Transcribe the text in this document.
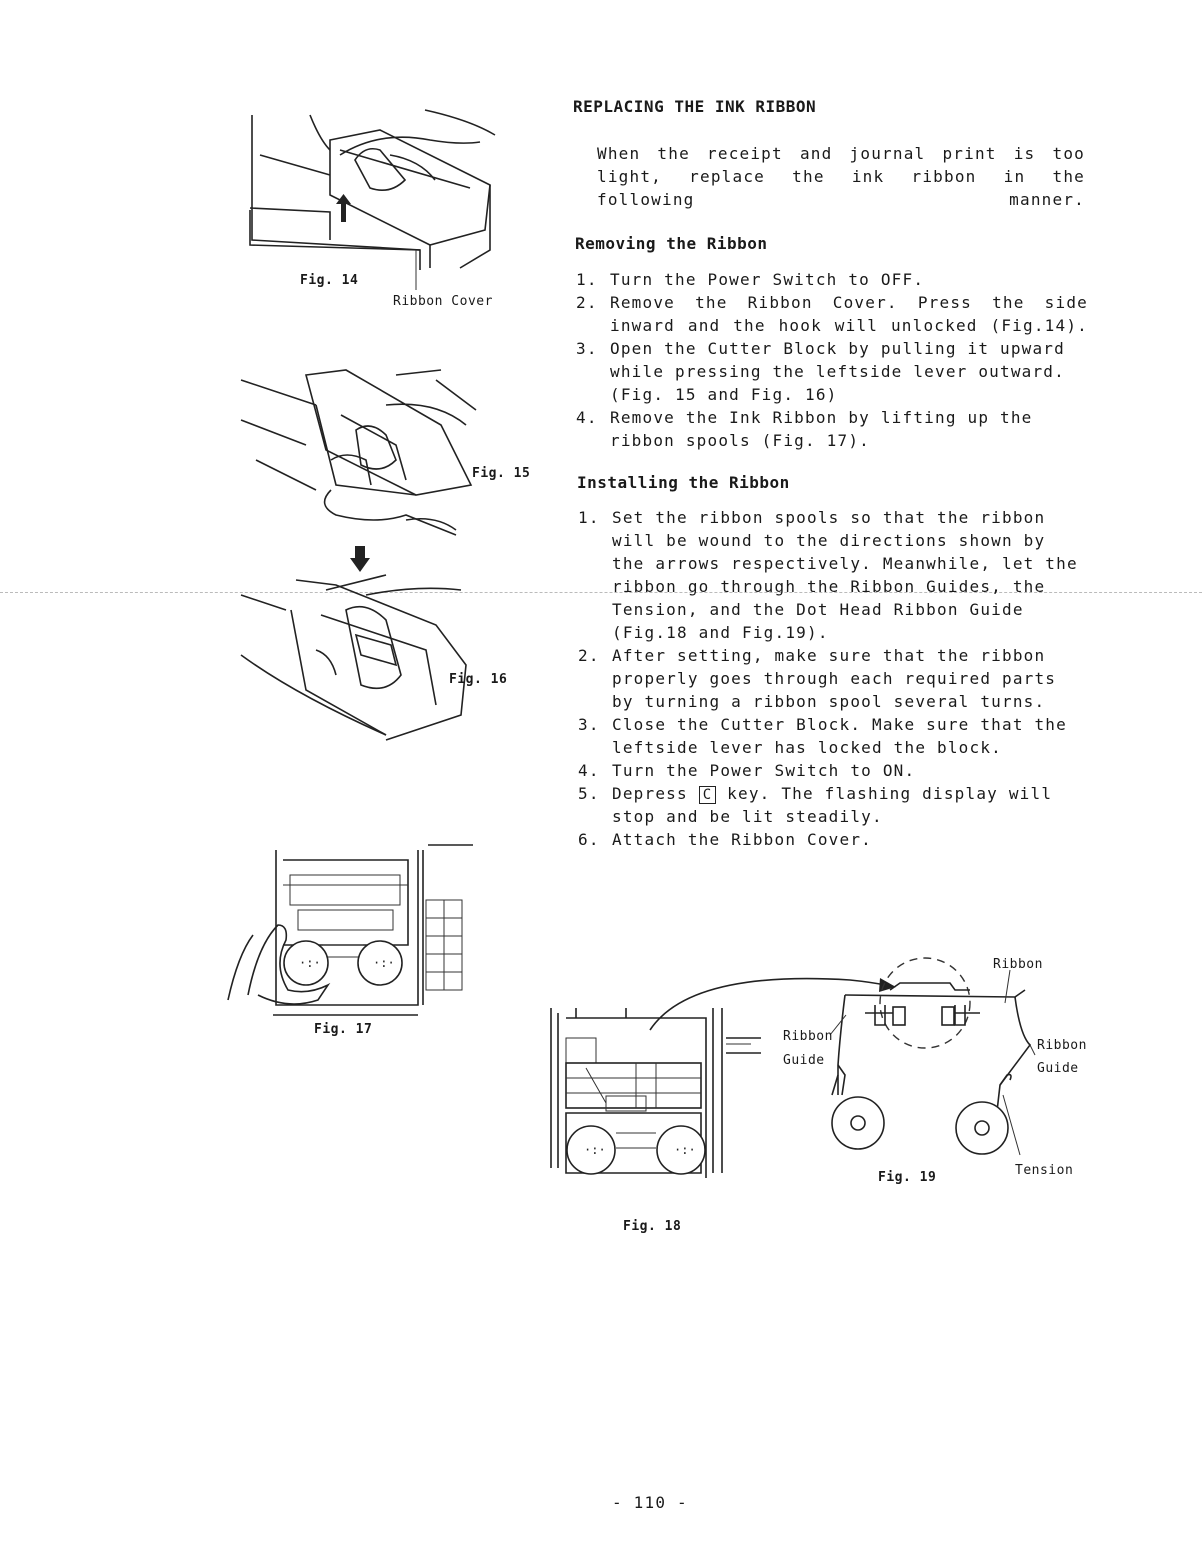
REPLACING THE INK RIBBON
When the receipt and journal print is too light, replace the ink ribbon in the following manner.
Removing the Ribbon
1. Turn the Power Switch to OFF.
2. Remove the Ribbon Cover. Press the side inward and the hook will unlocked (Fig.14).
3. Open the Cutter Block by pulling it upward while pressing the leftside lever outward. (Fig. 15 and Fig. 16)
4. Remove the Ink Ribbon by lifting up the ribbon spools (Fig. 17).
Installing the Ribbon
1. Set the ribbon spools so that the ribbon will be wound to the directions shown by the arrows respectively. Meanwhile, let the ribbon go through the Ribbon Guides, the Tension, and the Dot Head Ribbon Guide (Fig.18 and Fig.19).
2. After setting, make sure that the ribbon properly goes through each required parts by turning a ribbon spool several turns.
3. Close the Cutter Block. Make sure that the leftside lever has locked the block.
4. Turn the Power Switch to ON.
5. Depress C key. The flashing display will stop and be lit steadily.
6. Attach the Ribbon Cover.
Fig. 14
Ribbon Cover
Fig. 15
Fig. 16
·:·	·:·
Fig. 17
·:·	·:·
Fig. 18
Ribbon
Ribbon
Guide
Ribbon
Guide
Fig. 19	Tension
- 110 -
